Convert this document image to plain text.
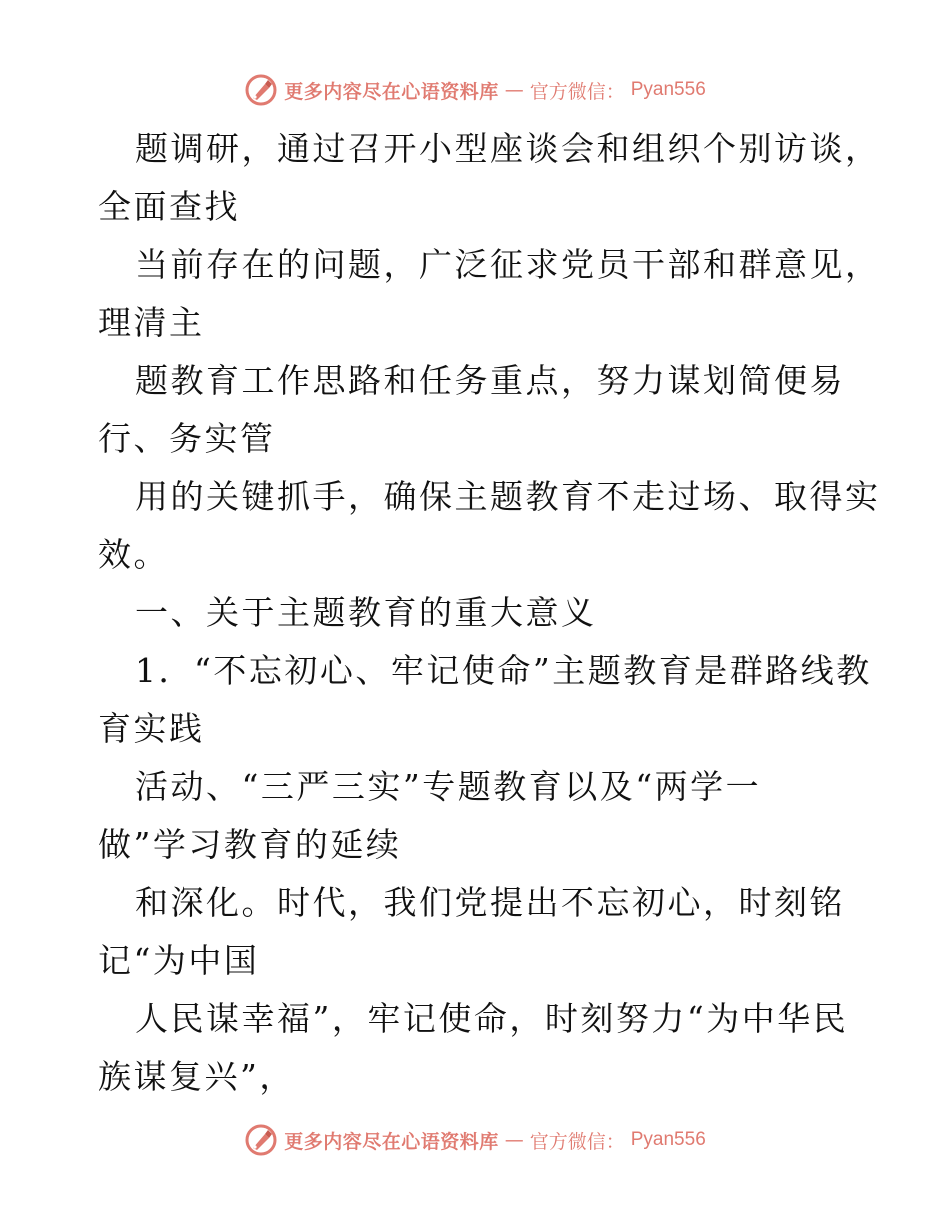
更多内容尽在心语资料库 — 官方微信： Pyan556
题调研，通过召开小型座谈会和组织个别访谈，
全面查找
当前存在的问题，广泛征求党员干部和群意见，
理清主
题教育工作思路和任务重点，努力谋划简便易
行、务实管
用的关键抓手，确保主题教育不走过场、取得实
效。
一、关于主题教育的重大意义
1．“不忘初心、牢记使命”主题教育是群路线教
育实践
活动、“三严三实”专题教育以及“两学一
做”学习教育的延续
和深化。时代，我们党提出不忘初心，时刻铭
记“为中国
人民谋幸福”，牢记使命，时刻努力“为中华民
族谋复兴”，
更多内容尽在心语资料库 — 官方微信： Pyan556
